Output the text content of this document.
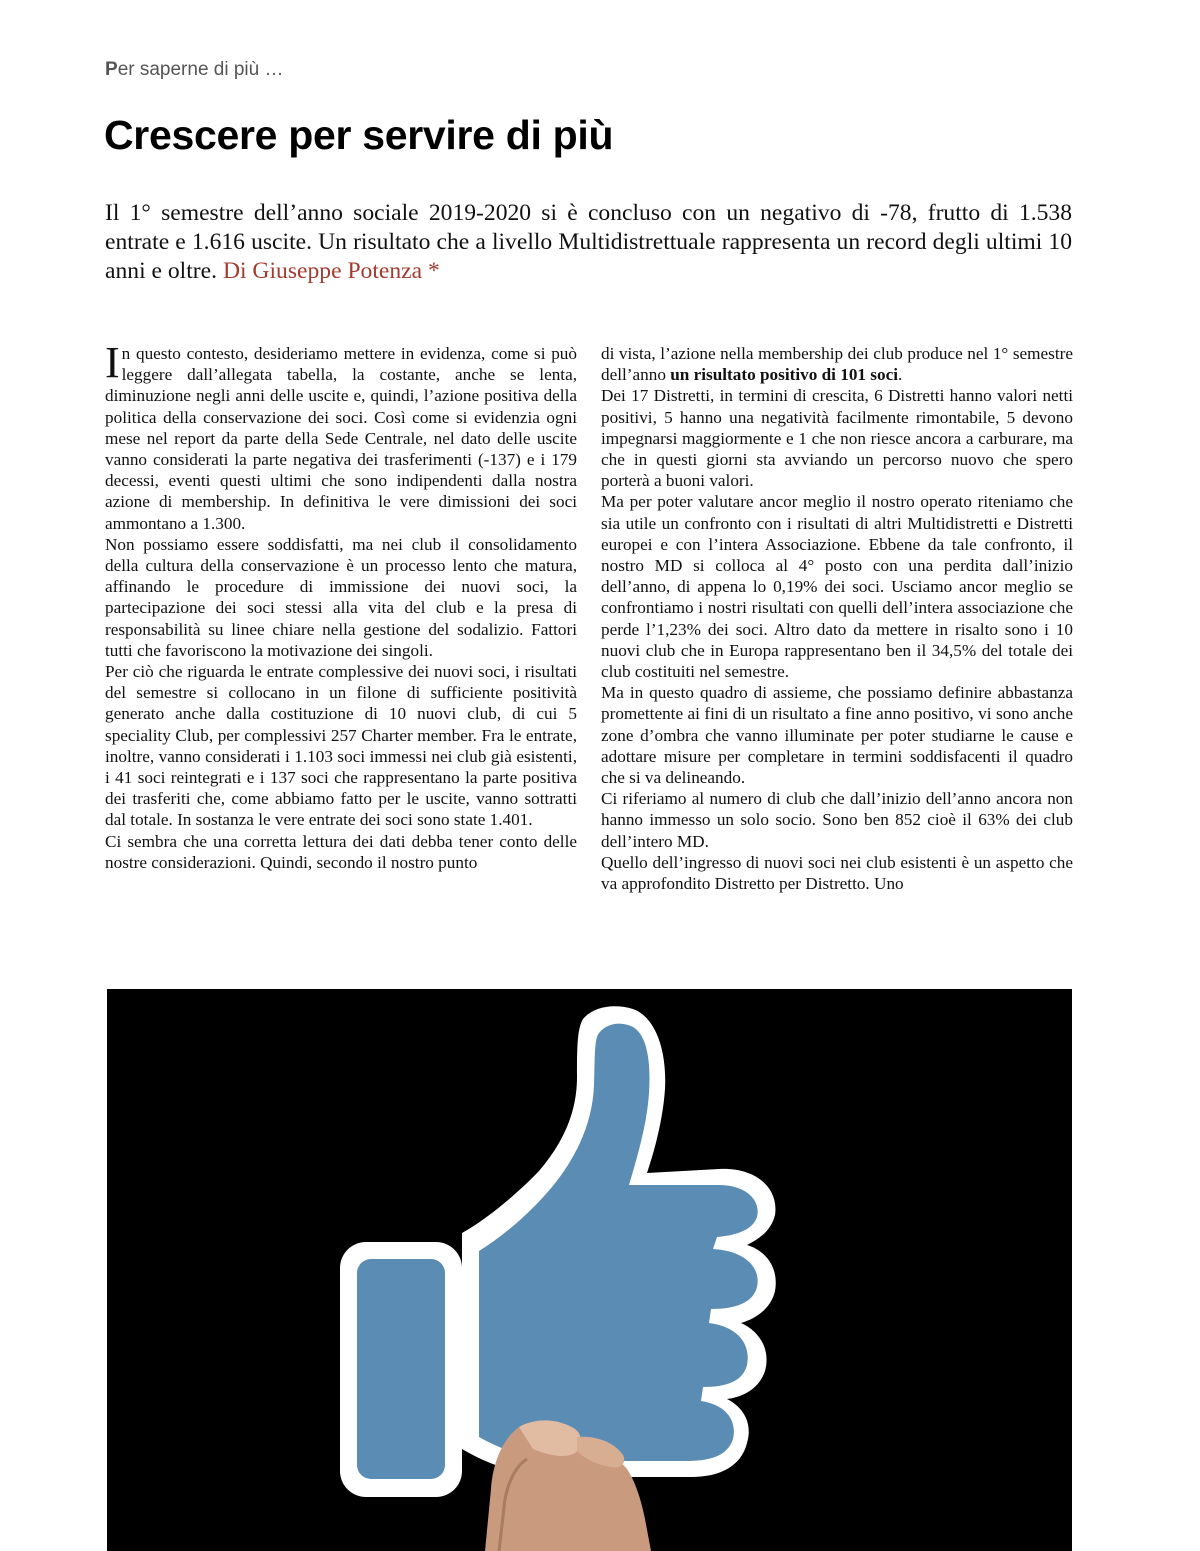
Per saperne di più …
Crescere per servire di più

Il 1° semestre dell’anno sociale 2019-2020 si è concluso con un negativo di -78, frutto di 1.538 entrate e 1.616 uscite. Un risultato che a livello Multidistrettuale rappresenta un record degli ultimi 10 anni e oltre. Di Giuseppe Potenza *

In questo contesto, desideriamo mettere in evidenza, come si può leggere dall’allegata tabella, la costante, anche se lenta, diminuzione negli anni delle uscite e, quindi, l’azione positiva della politica della conservazione dei soci. Così come si evidenzia ogni mese nel report da parte della Sede Centrale, nel dato delle uscite vanno considerati la parte negativa dei trasferimenti (-137) e i 179 decessi, eventi questi ultimi che sono indipendenti dalla nostra azione di membership. In definitiva le vere dimissioni dei soci ammontano a 1.300.

Non possiamo essere soddisfatti, ma nei club il consolidamento della cultura della conservazione è un processo lento che matura, affinando le procedure di immissione dei nuovi soci, la partecipazione dei soci stessi alla vita del club e la presa di responsabilità su linee chiare nella gestione del sodalizio. Fattori tutti che favoriscono la motivazione dei singoli.

Per ciò che riguarda le entrate complessive dei nuovi soci, i risultati del semestre si collocano in un filone di sufficiente positività generato anche dalla costituzione di 10 nuovi club, di cui 5 speciality Club, per complessivi 257 Charter member. Fra le entrate, inoltre, vanno considerati i 1.103 soci immessi nei club già esistenti, i 41 soci reintegrati e i 137 soci che rappresentano la parte positiva dei trasferiti che, come abbiamo fatto per le uscite, vanno sottratti dal totale. In sostanza le vere entrate dei soci sono state 1.401.

Ci sembra che una corretta lettura dei dati debba tener conto delle nostre considerazioni. Quindi, secondo il nostro punto

di vista, l’azione nella membership dei club produce nel 1° semestre dell’anno un risultato positivo di 101 soci.

Dei 17 Distretti, in termini di crescita, 6 Distretti hanno valori netti positivi, 5 hanno una negatività facilmente rimontabile, 5 devono impegnarsi maggiormente e 1 che non riesce ancora a carburare, ma che in questi giorni sta avviando un percorso nuovo che spero porterà a buoni valori.

Ma per poter valutare ancor meglio il nostro operato riteniamo che sia utile un confronto con i risultati di altri Multidistretti e Distretti europei e con l’intera Associazione. Ebbene da tale confronto, il nostro MD si colloca al 4° posto con una perdita dall’inizio dell’anno, di appena lo 0,19% dei soci. Usciamo ancor meglio se confrontiamo i nostri risultati con quelli dell’intera associazione che perde l’1,23% dei soci. Altro dato da mettere in risalto sono i 10 nuovi club che in Europa rappresentano ben il 34,5% del totale dei club costituiti nel semestre.

Ma in questo quadro di assieme, che possiamo definire abbastanza promettente ai fini di un risultato a fine anno positivo, vi sono anche zone d’ombra che vanno illuminate per poter studiarne le cause e adottare misure per completare in termini soddisfacenti il quadro che si va delineando.

Ci riferiamo al numero di club che dall’inizio dell’anno ancora non hanno immesso un solo socio. Sono ben 852 cioè il 63% dei club dell’intero MD.

Quello dell’ingresso di nuovi soci nei club esistenti è un aspetto che va approfondito Distretto per Distretto. Uno
